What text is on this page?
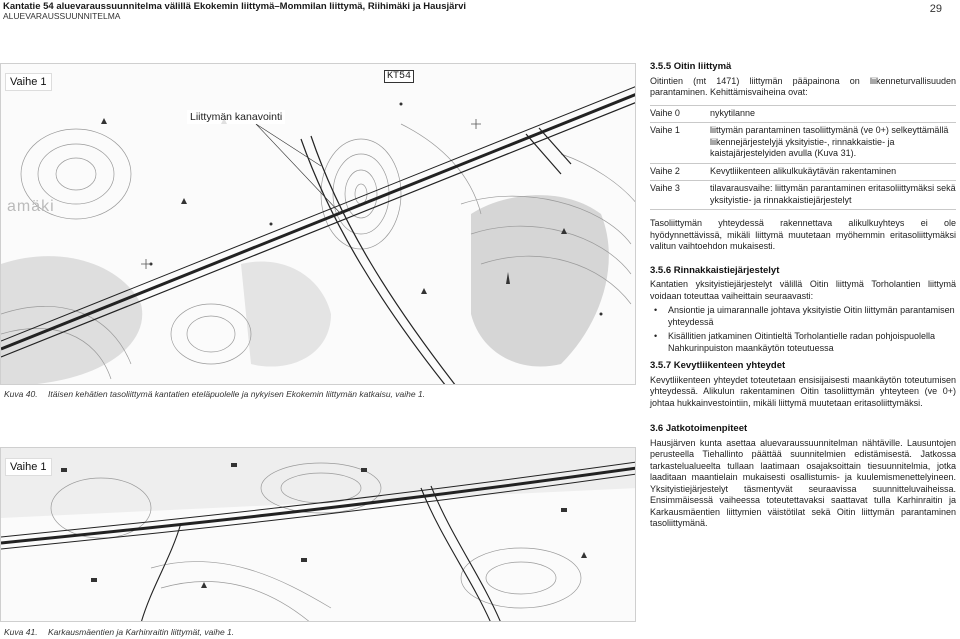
Kantatie 54 aluevaraussuunnitelma välillä Ekokemin liittymä–Mommilan liittymä, Riihimäki ja Hausjärvi
ALUEVARAUSSUUNNITELMA
29
Vaihe 1
Liittymän kanavointi
KT54
amäki
Kuva 40. Itäisen kehätien tasoliittymä kantatien eteläpuolelle ja nykyisen Ekokemin liittymän katkaisu, vaihe 1.
Vaihe 1
Kuva 41. Karkausmäentien ja Karhinraitin liittymät, vaihe 1.
3.5.5 Oitin liittymä
Oitintien (mt 1471) liittymän pääpainona on liikenneturvallisuuden parantaminen. Kehittämisvaiheina ovat:
Vaihe 0	nykytilanne
Vaihe 1	liittymän parantaminen tasoliittymänä (ve 0+) selkeyttämällä liikennejärjestelyjä yksityistie-, rinnakkaistie- ja kaistajärjestelyiden avulla (Kuva 31).
Vaihe 2	Kevytliikenteen alikulkukäytävän rakentaminen
Vaihe 3	tilavarausvaihe: liittymän parantaminen eritasoliittymäksi sekä yksityistie- ja rinnakkaistiejärjestelyt
Tasoliittymän yhteydessä rakennettava alikulkuyhteys ei ole hyödynnettävissä, mikäli liittymä muutetaan myöhemmin eritasoliittymäksi valitun vaihtoehdon mukaisesti.
3.5.6 Rinnakkaistiejärjestelyt
Kantatien yksityistiejärjestelyt välillä Oitin liittymä Torholantien liittymä voidaan toteuttaa vaiheittain seuraavasti:
• Ansiontie ja uimarannalle johtava yksityistie Oitin liittymän parantamisen yhteydessä
• Kisällitien jatkaminen Oitintieltä Torholantielle radan pohjoispuolella Nahkurinpuiston maankäytön toteutuessa
3.5.7 Kevytliikenteen yhteydet
Kevytliikenteen yhteydet toteutetaan ensisijaisesti maankäytön toteutumisen yhteydessä. Alikulun rakentaminen Oitin tasoliittymän yhteyteen (ve 0+) johtaa hukkainvestointiin, mikäli liittymä muutetaan eritasoliittymäksi.
3.6 Jatkotoimenpiteet
Hausjärven kunta asettaa aluevaraussuunnitelman nähtäville. Lausuntojen perusteella Tiehallinto päättää suunnitelmien edistämisestä. Jatkossa tarkastelualueelta tullaan laatimaan osajaksoittain tiesuunnitelmia, jotka laaditaan maantielain mukaisesti osallistumis- ja kuulemismenettelyineen. Yksityistiejärjestelyt täsmentyvät seuraavissa suunnitteluvaiheissa. Ensimmäisessä vaiheessa toteutettavaksi saattavat tulla Karhinraitin ja Karkausmäentien liittymien väistötilat sekä Oitin liittymän parantaminen tasoliittymänä.
